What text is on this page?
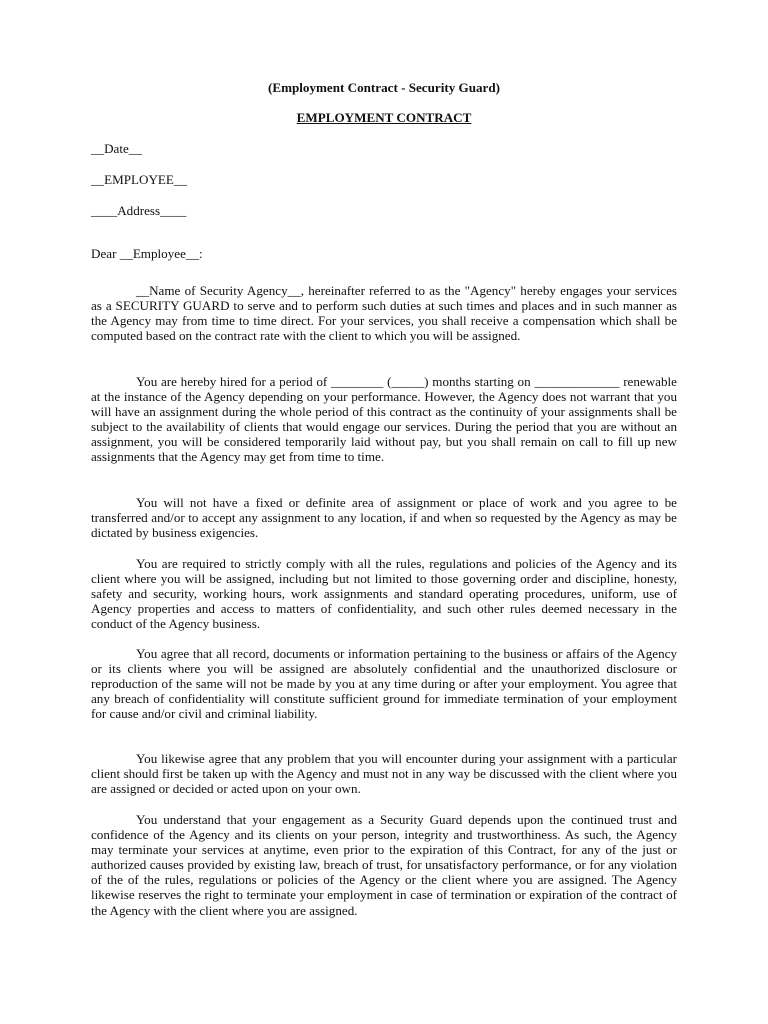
(Employment Contract - Security Guard)

EMPLOYMENT CONTRACT

__Date__

__EMPLOYEE__

____Address____

Dear __Employee__:

__Name of Security Agency__, hereinafter referred to as the "Agency" hereby engages your services as a SECURITY GUARD to serve and to perform such duties at such times and places and in such manner as the Agency may from time to time direct. For your services, you shall receive a compensation which shall be computed based on the contract rate with the client to which you will be assigned.

You are hereby hired for a period of ________ (_____) months starting on _____________ renewable at the instance of the Agency depending on your performance. However, the Agency does not warrant that you will have an assignment during the whole period of this contract as the continuity of your assignments shall be subject to the availability of clients that would engage our services. During the period that you are without an assignment, you will be considered temporarily laid without pay, but you shall remain on call to fill up new assignments that the Agency may get from time to time.

You will not have a fixed or definite area of assignment or place of work and you agree to be transferred and/or to accept any assignment to any location, if and when so requested by the Agency as may be dictated by business exigencies.

You are required to strictly comply with all the rules, regulations and policies of the Agency and its client where you will be assigned, including but not limited to those governing order and discipline, honesty, safety and security, working hours, work assignments and standard operating procedures, uniform, use of Agency properties and access to matters of confidentiality, and such other rules deemed necessary in the conduct of the Agency business.

You agree that all record, documents or information pertaining to the business or affairs of the Agency or its clients where you will be assigned are absolutely confidential and the unauthorized disclosure or reproduction of the same will not be made by you at any time during or after your employment. You agree that any breach of confidentiality will constitute sufficient ground for immediate termination of your employment for cause and/or civil and criminal liability.

You likewise agree that any problem that you will encounter during your assignment with a particular client should first be taken up with the Agency and must not in any way be discussed with the client where you are assigned or decided or acted upon on your own.

You understand that your engagement as a Security Guard depends upon the continued trust and confidence of the Agency and its clients on your person, integrity and trustworthiness. As such, the Agency may terminate your services at anytime, even prior to the expiration of this Contract, for any of the just or authorized causes provided by existing law, breach of trust, for unsatisfactory performance, or for any violation of the of the rules, regulations or policies of the Agency or the client where you are assigned. The Agency likewise reserves the right to terminate your employment in case of termination or expiration of the contract of the Agency with the client where you are assigned.
